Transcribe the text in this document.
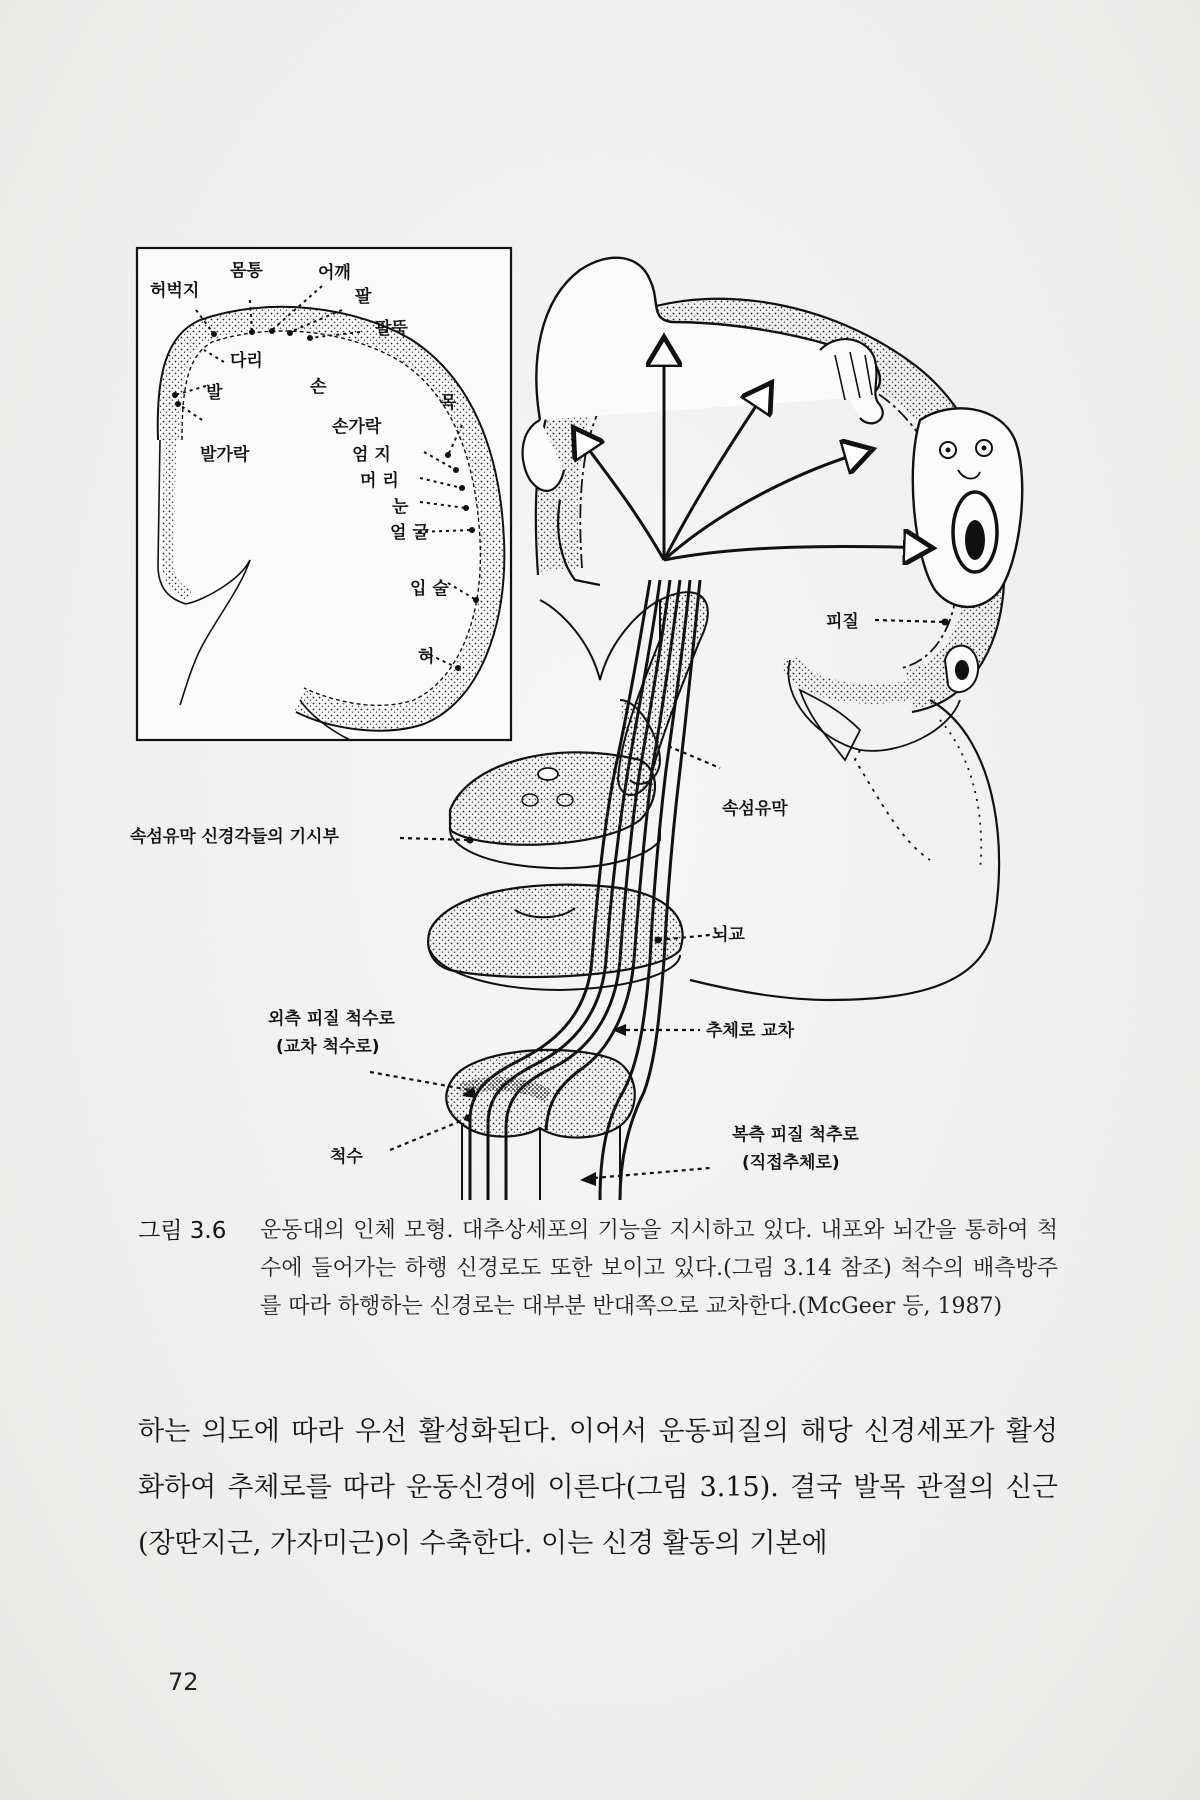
허벅지
몸통	어깨
팔
팔뚝
다리
발	손
목
발가락
손가락
엄 지
머 리
눈
얼 굴
입 술
혀
피질
속섬유막
속섬유막 신경각들의 기시부
뇌교
추체로 교차
외측 피질 척수로
(교차 척수로)
척수
복측 피질 척추로
(직접추체로)
그림 3.6	운동대의 인체 모형. 대추상세포의 기능을 지시하고 있다. 내포와 뇌간을 통하여 척수에 들어가는 하행 신경로도 또한 보이고 있다.(그림 3.14 참조) 척수의 배측방주를 따라 하행하는 신경로는 대부분 반대쪽으로 교차한다.(McGeer 등, 1987)
하는 의도에 따라 우선 활성화된다. 이어서 운동피질의 해당 신경세포가 활성화하여 추체로를 따라 운동신경에 이른다(그림 3.15). 결국 발목 관절의 신근(장딴지근, 가자미근)이 수축한다. 이는 신경 활동의 기본에
72
